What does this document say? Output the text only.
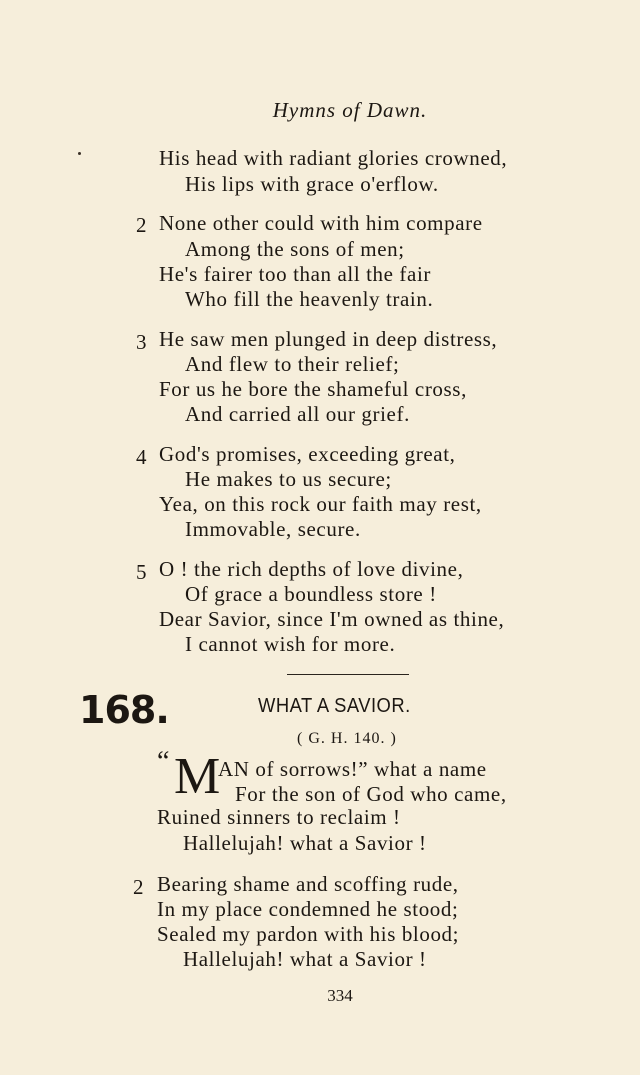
Hymns of Dawn.
His head with radiant glories crowned,
His lips with grace o'erflow.
2 None other could with him compare
Among the sons of men;
He's fairer too than all the fair
Who fill the heavenly train.
3 He saw men plunged in deep distress,
And flew to their relief;
For us he bore the shameful cross,
And carried all our grief.
4 God's promises, exceeding great,
He makes to us secure;
Yea, on this rock our faith may rest,
Immovable, secure.
5 O ! the rich depths of love divine,
Of grace a boundless store !
Dear Savior, since I'm owned as thine,
I cannot wish for more.
168.	WHAT A SAVIOR.
( G. H. 140. )
“ M
AN of sorrows!” what a name
For the son of God who came,
Ruined sinners to reclaim !
Hallelujah! what a Savior !
2 Bearing shame and scoffing rude,
In my place condemned he stood;
Sealed my pardon with his blood;
Hallelujah! what a Savior !
334
